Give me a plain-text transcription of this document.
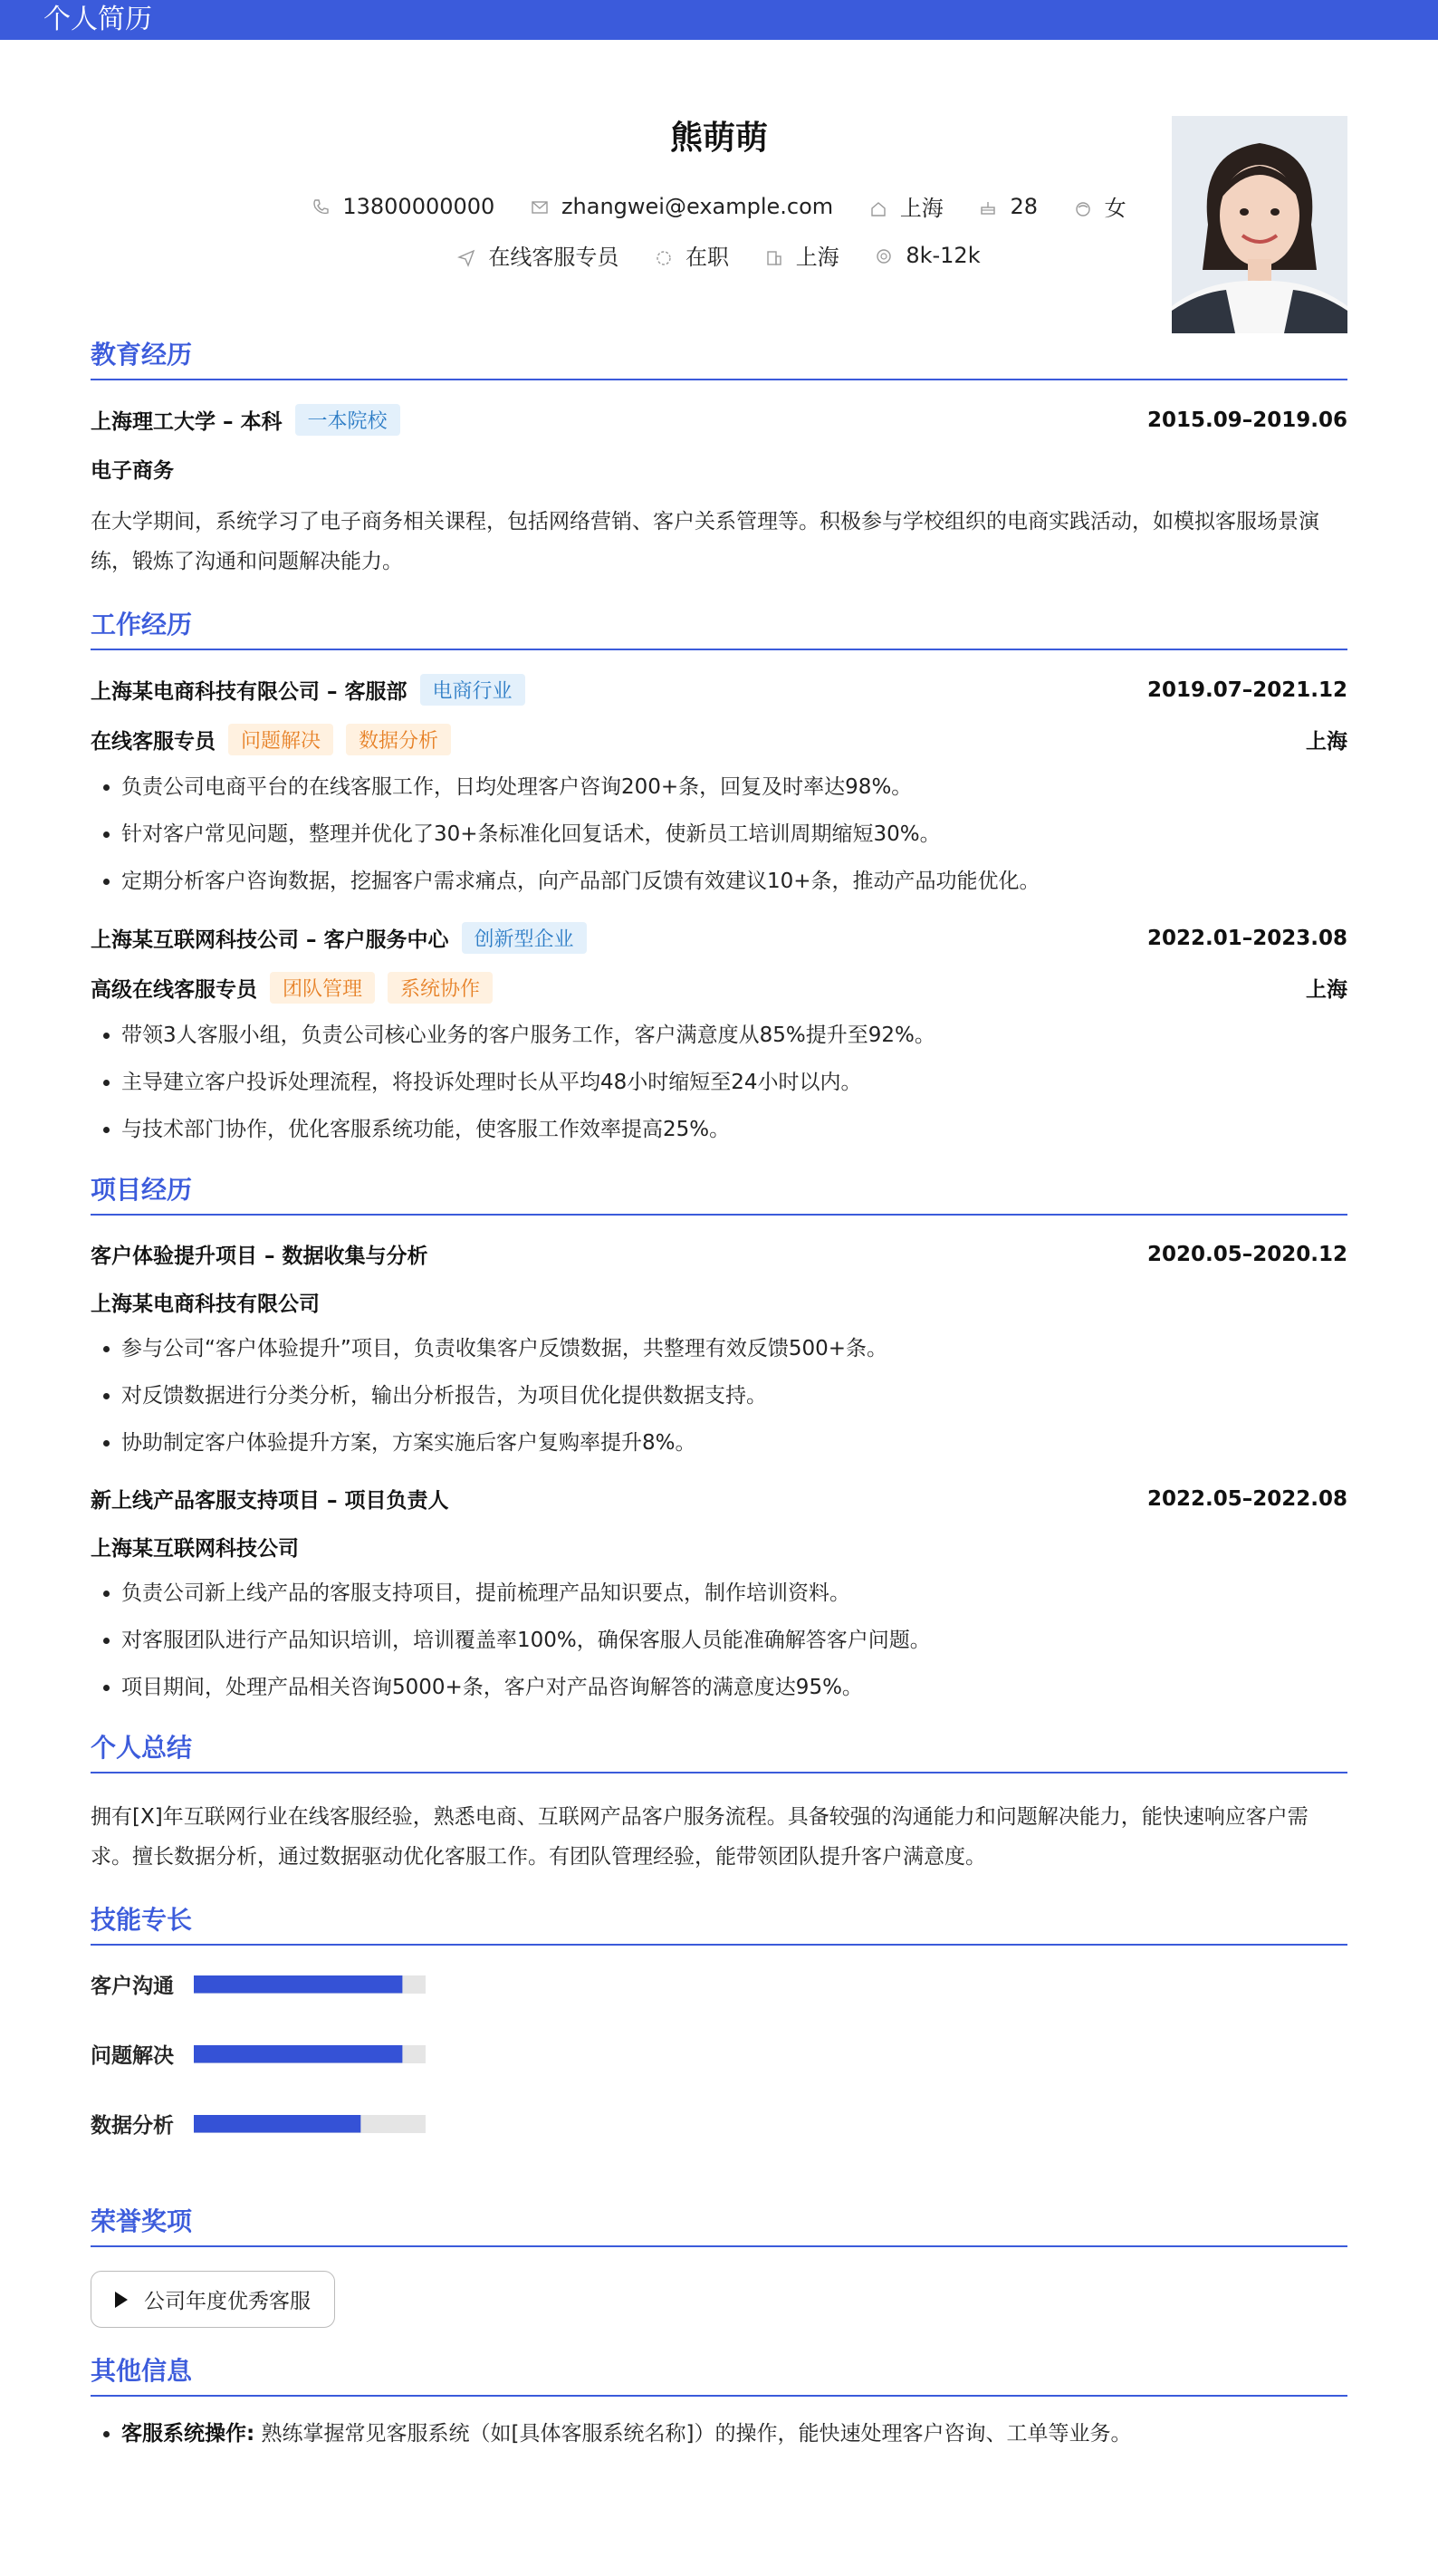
个人简历
熊萌萌
13800000000	zhangwei@example.com	上海	28	女
在线客服专员	在职	上海	8k-12k
教育经历
上海理工大学 – 本科	一本院校	2015.09–2019.06
电子商务

在大学期间，系统学习了电子商务相关课程，包括网络营销、客户关系管理等。积极参与学校组织的电商实践活动，如模拟客服场景演练，锻炼了沟通和问题解决能力。

工作经历
上海某电商科技有限公司 – 客服部	电商行业	2019.07–2021.12
在线客服专员	问题解决	数据分析	上海
• 负责公司电商平台的在线客服工作，日均处理客户咨询200+条，回复及时率达98%。
• 针对客户常见问题，整理并优化了30+条标准化回复话术，使新员工培训周期缩短30%。
• 定期分析客户咨询数据，挖掘客户需求痛点，向产品部门反馈有效建议10+条，推动产品功能优化。
上海某互联网科技公司 – 客户服务中心	创新型企业	2022.01–2023.08
高级在线客服专员	团队管理	系统协作	上海
• 带领3人客服小组，负责公司核心业务的客户服务工作，客户满意度从85%提升至92%。
• 主导建立客户投诉处理流程，将投诉处理时长从平均48小时缩短至24小时以内。
• 与技术部门协作，优化客服系统功能，使客服工作效率提高25%。
项目经历
客户体验提升项目 – 数据收集与分析	2020.05–2020.12
上海某电商科技有限公司
• 参与公司“客户体验提升”项目，负责收集客户反馈数据，共整理有效反馈500+条。
• 对反馈数据进行分类分析，输出分析报告，为项目优化提供数据支持。
• 协助制定客户体验提升方案，方案实施后客户复购率提升8%。
新上线产品客服支持项目 – 项目负责人	2022.05–2022.08
上海某互联网科技公司
• 负责公司新上线产品的客服支持项目，提前梳理产品知识要点，制作培训资料。
• 对客服团队进行产品知识培训，培训覆盖率100%，确保客服人员能准确解答客户问题。
• 项目期间，处理产品相关咨询5000+条，客户对产品咨询解答的满意度达95%。
个人总结

拥有[X]年互联网行业在线客服经验，熟悉电商、互联网产品客户服务流程。具备较强的沟通能力和问题解决能力，能快速响应客户需求。擅长数据分析，通过数据驱动优化客服工作。有团队管理经验，能带领团队提升客户满意度。

技能专长
客户沟通
问题解决
数据分析
荣誉奖项
公司年度优秀客服
其他信息
• 客服系统操作: 熟练掌握常见客服系统（如[具体客服系统名称]）的操作，能快速处理客户咨询、工单等业务。
